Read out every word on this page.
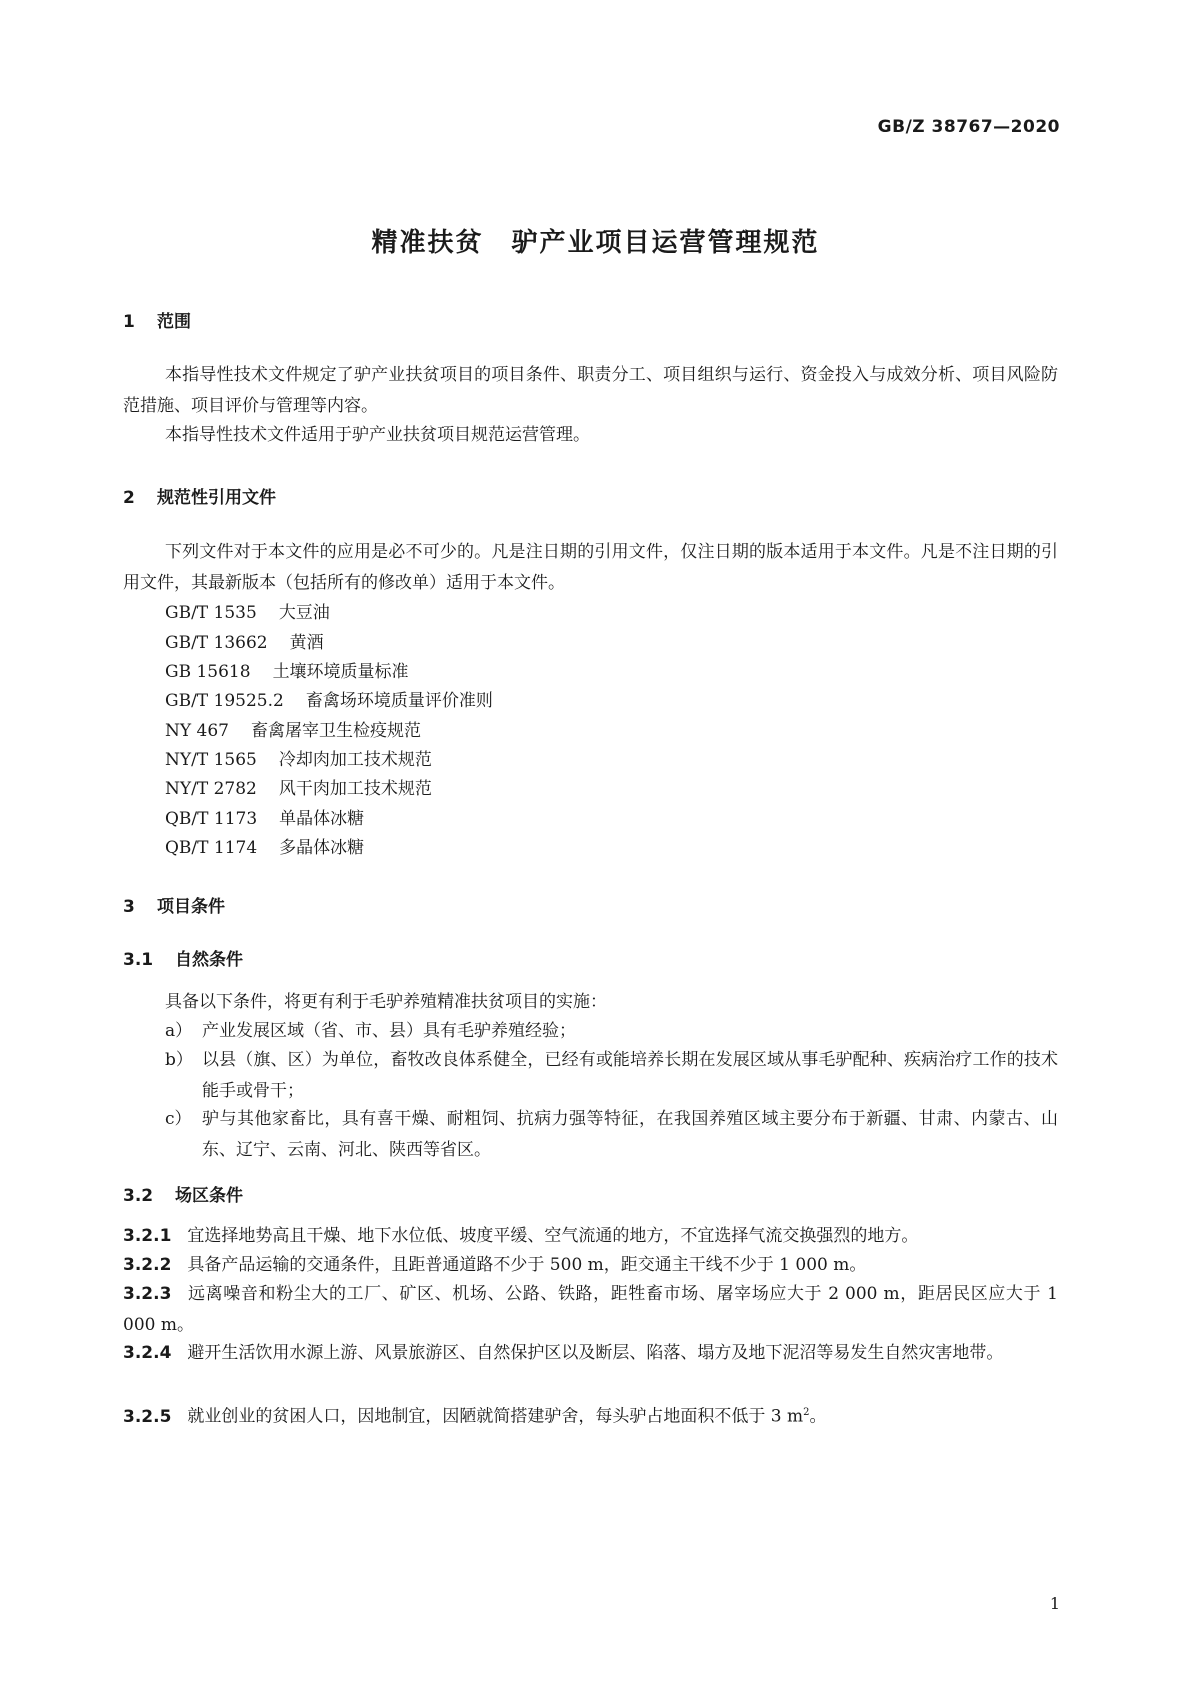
GB/Z 38767—2020
精准扶贫　驴产业项目运营管理规范
1 范围
本指导性技术文件规定了驴产业扶贫项目的项目条件、职责分工、项目组织与运行、资金投入与成效分析、项目风险防范措施、项目评价与管理等内容。
本指导性技术文件适用于驴产业扶贫项目规范运营管理。
2 规范性引用文件
下列文件对于本文件的应用是必不可少的。凡是注日期的引用文件，仅注日期的版本适用于本文件。凡是不注日期的引用文件，其最新版本（包括所有的修改单）适用于本文件。
GB/T 1535 大豆油
GB/T 13662 黄酒
GB 15618 土壤环境质量标准
GB/T 19525.2 畜禽场环境质量评价准则
NY 467 畜禽屠宰卫生检疫规范
NY/T 1565 冷却肉加工技术规范
NY/T 2782 风干肉加工技术规范
QB/T 1173 单晶体冰糖
QB/T 1174 多晶体冰糖
3 项目条件
3.1 自然条件
具备以下条件，将更有利于毛驴养殖精准扶贫项目的实施：
a） 产业发展区域（省、市、县）具有毛驴养殖经验；
b） 以县（旗、区）为单位，畜牧改良体系健全，已经有或能培养长期在发展区域从事毛驴配种、疾病治疗工作的技术能手或骨干；
c） 驴与其他家畜比，具有喜干燥、耐粗饲、抗病力强等特征，在我国养殖区域主要分布于新疆、甘肃、内蒙古、山东、辽宁、云南、河北、陕西等省区。
3.2 场区条件
3.2.1 宜选择地势高且干燥、地下水位低、坡度平缓、空气流通的地方，不宜选择气流交换强烈的地方。
3.2.2 具备产品运输的交通条件，且距普通道路不少于 500 m，距交通主干线不少于 1 000 m。
3.2.3 远离噪音和粉尘大的工厂、矿区、机场、公路、铁路，距牲畜市场、屠宰场应大于 2 000 m，距居民区应大于 1 000 m。
3.2.4 避开生活饮用水源上游、风景旅游区、自然保护区以及断层、陷落、塌方及地下泥沼等易发生自然灾害地带。
3.2.5 就业创业的贫困人口，因地制宜，因陋就简搭建驴舍，每头驴占地面积不低于 3 $m^2$。
1
